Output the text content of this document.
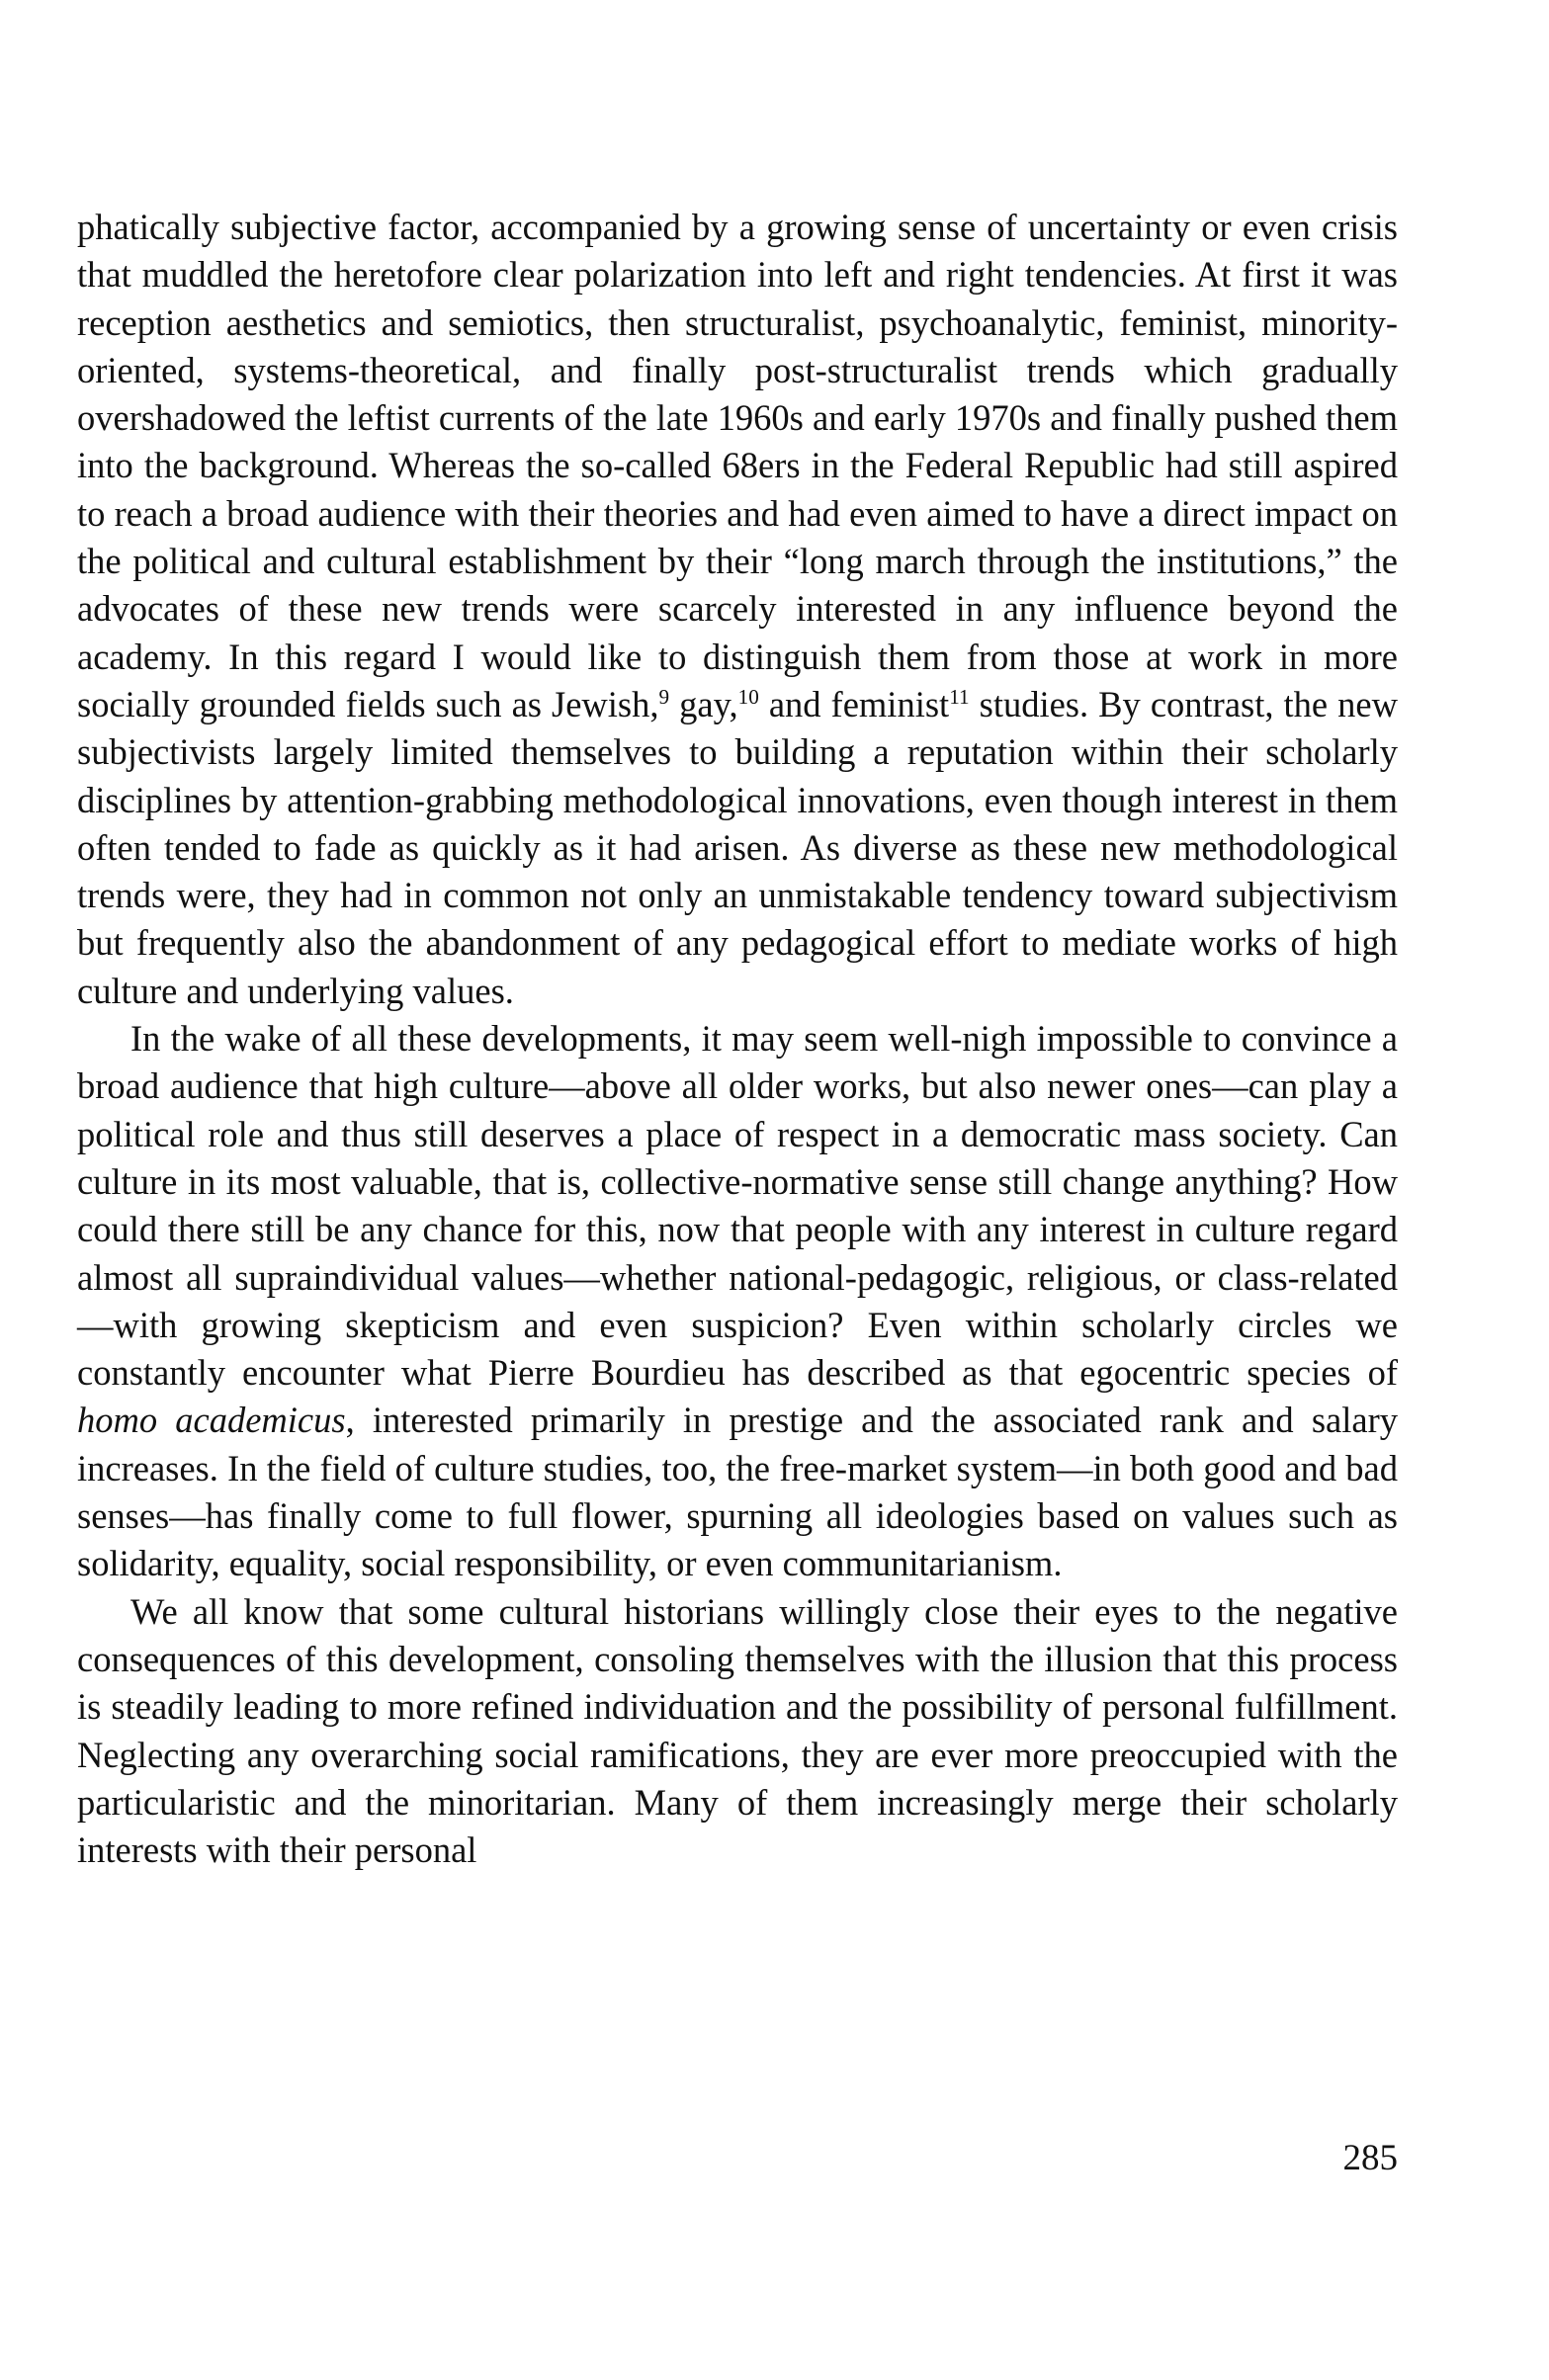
phatically subjective factor, accompanied by a growing sense of uncertainty or even crisis that muddled the heretofore clear polarization into left and right tendencies. At first it was reception aesthetics and semiotics, then structuralist, psychoanalytic, feminist, minority-oriented, systems-theoretical, and finally post-structuralist trends which gradually overshadowed the leftist currents of the late 1960s and early 1970s and finally pushed them into the background. Whereas the so-called 68ers in the Federal Republic had still aspired to reach a broad audience with their theories and had even aimed to have a direct impact on the political and cultural establishment by their “long march through the institutions,” the advocates of these new trends were scarcely interested in any influence beyond the academy. In this regard I would like to distinguish them from those at work in more socially grounded fields such as Jewish,$^9$ gay,$^{10}$ and feminist$^{11}$ studies. By contrast, the new subjectivists largely limited themselves to building a reputation within their scholarly disciplines by attention-grabbing methodological innovations, even though interest in them often tended to fade as quickly as it had arisen. As diverse as these new methodological trends were, they had in common not only an unmistakable tendency toward subjectivism but frequently also the abandonment of any pedagogical effort to mediate works of high culture and underlying values.

In the wake of all these developments, it may seem well-nigh impossible to convince a broad audience that high culture—above all older works, but also newer ones—can play a political role and thus still deserves a place of respect in a democratic mass society. Can culture in its most valuable, that is, collective-normative sense still change anything? How could there still be any chance for this, now that people with any interest in culture regard almost all supraindividual values—whether national-pedagogic, religious, or class-related—with growing skepticism and even suspicion? Even within scholarly circles we constantly encounter what Pierre Bourdieu has described as that egocentric species of homo academicus, interested primarily in prestige and the associated rank and salary increases. In the field of culture studies, too, the free-market system—in both good and bad senses—has finally come to full flower, spurning all ideologies based on values such as solidarity, equality, social responsibility, or even communitarianism.

We all know that some cultural historians willingly close their eyes to the negative consequences of this development, consoling themselves with the illusion that this process is steadily leading to more refined individuation and the possibility of personal fulfillment. Neglecting any overarching social ramifications, they are ever more preoccupied with the particularistic and the minoritarian. Many of them increasingly merge their scholarly interests with their personal

285
